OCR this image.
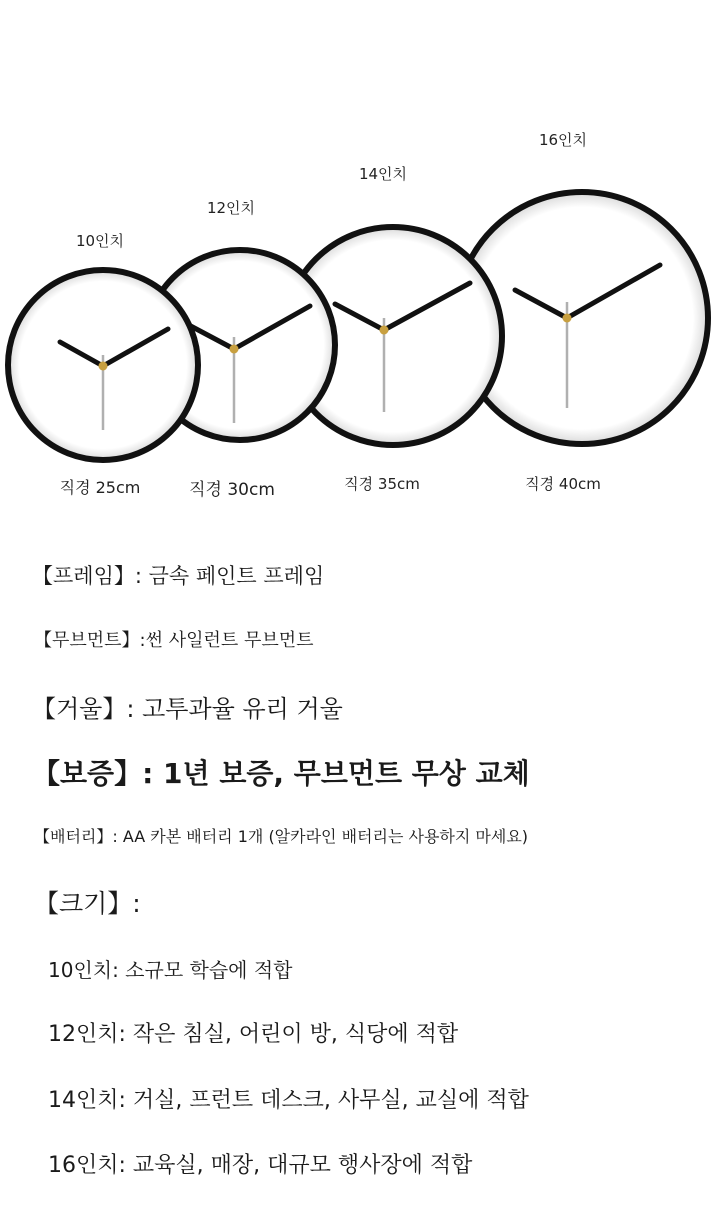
10인치
12인치
14인치
16인치
직경 25cm	직경 30cm	직경 35cm	직경 40cm
【프레임】: 금속 페인트 프레임
【무브먼트】:썬 사일런트 무브먼트
【거울】: 고투과율 유리 거울
【보증】: 1년 보증, 무브먼트 무상 교체
【배터리】: AA 카본 배터리 1개 (알카라인 배터리는 사용하지 마세요)
【크기】:
10인치: 소규모 학습에 적합
12인치: 작은 침실, 어린이 방, 식당에 적합
14인치: 거실, 프런트 데스크, 사무실, 교실에 적합
16인치: 교육실, 매장, 대규모 행사장에 적합
